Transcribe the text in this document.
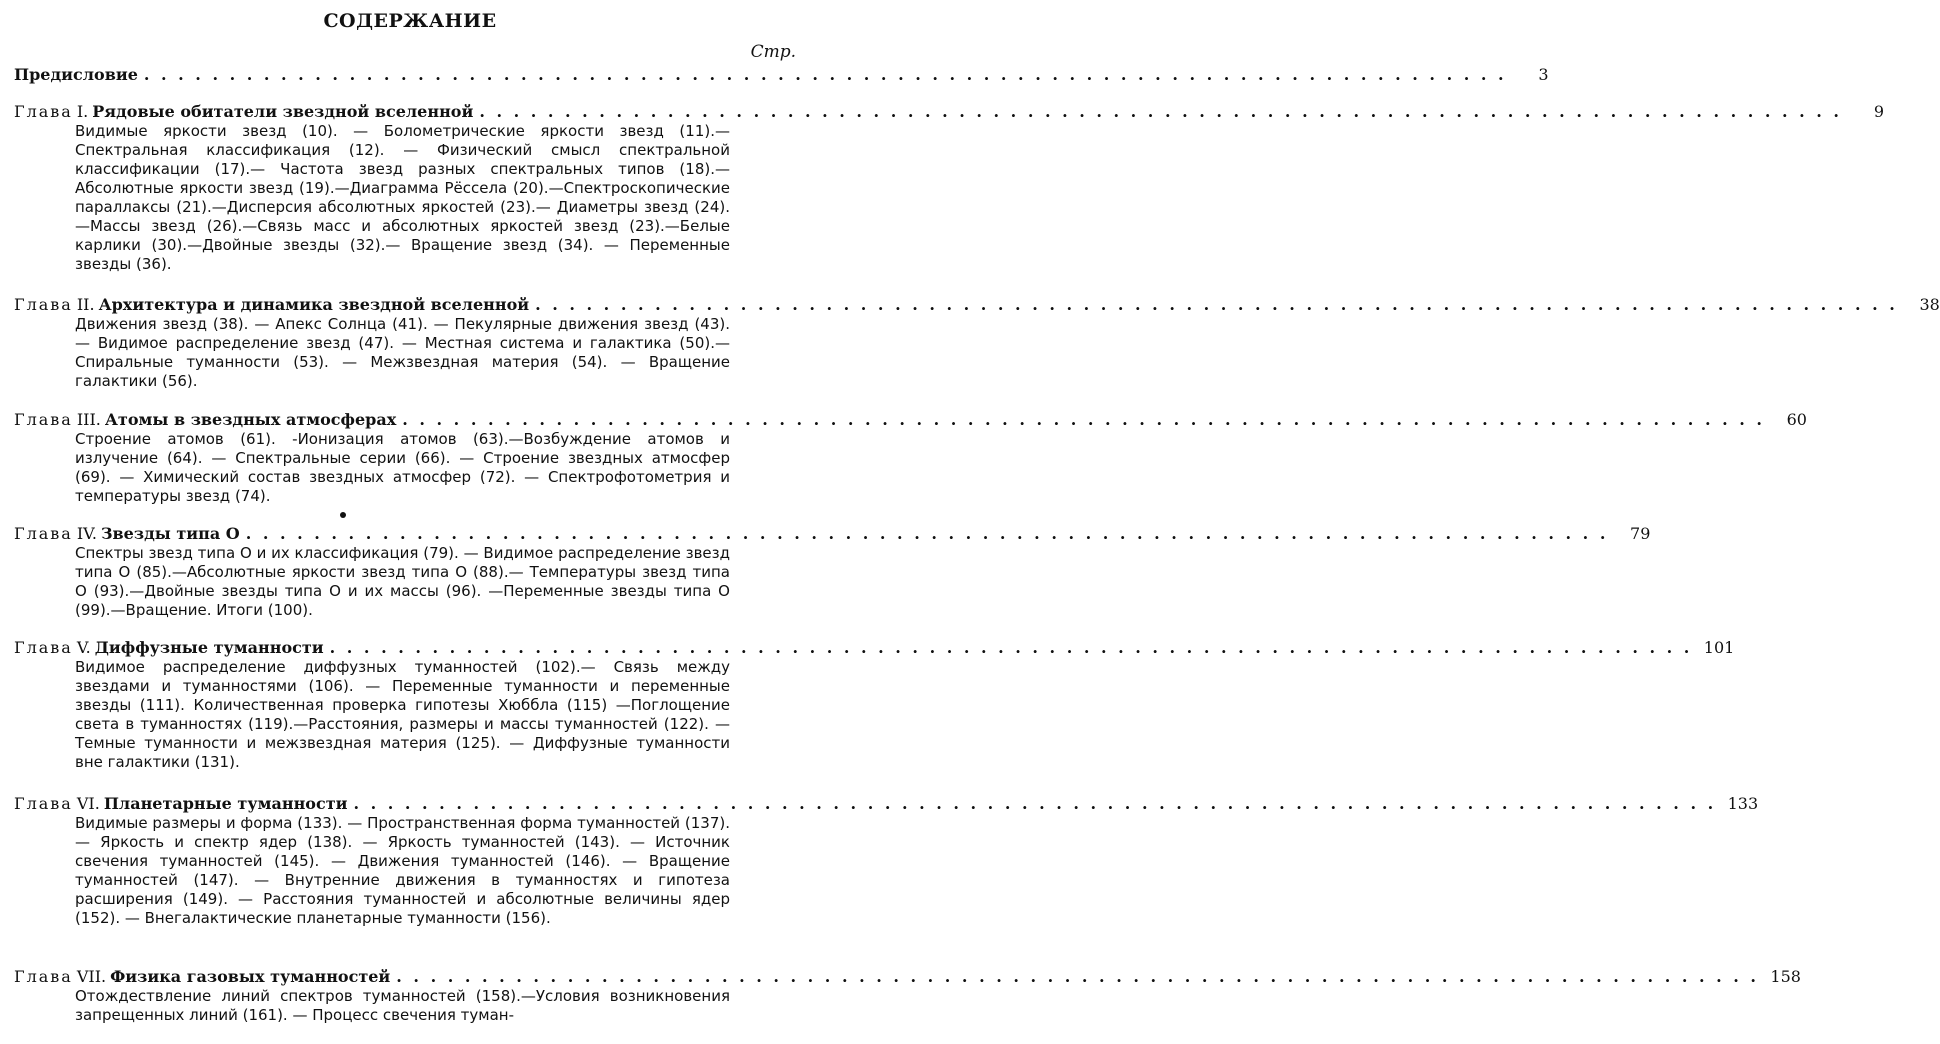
СОДЕРЖАНИЕ
Стр.
Предисловие . . . . . . . . . . . . . . . . . . . . . . . . . . . . . . . . . . . . . . . . . . . . . . . . . . . . . . . . . . . . . . . . . . . . . . . . . . . . . . . .	3
Глава I. Рядовые обитатели звездной вселенной . . . . . . . . . . . . . . . . . . . . . . . . . . . . . . . . . . . . . . . . . . . . . . . . . . . . . . . . . . . . . . . . . . . . . . . . . . . . . . . .	9
Видимые яркости звезд (10). — Болометрические яркости звезд (11).— Спектральная классификация (12). — Физический смысл спектральной классификации (17).— Частота звезд разных спектральных типов (18).— Абсолютные яркости звезд (19).—Диаграмма Рёссела (20).—Спектроскопические параллаксы (21).—Дисперсия абсолютных яркостей (23).— Диаметры звезд (24).—Массы звезд (26).—Связь масс и абсолютных яркостей звезд (23).—Белые карлики (30).—Двойные звезды (32).— Вращение звезд (34). — Переменные звезды (36).
Глава II. Архитектура и динамика звездной вселенной . . . . . . . . . . . . . . . . . . . . . . . . . . . . . . . . . . . . . . . . . . . . . . . . . . . . . . . . . . . . . . . . . . . . . . . . . . . . . . . .	38
Движения звезд (38). — Апекс Солнца (41). — Пекулярные движения звезд (43). — Видимое распределение звезд (47). — Местная система и галактика (50).— Спиральные туманности (53). — Межзвездная материя (54). — Вращение галактики (56).
Глава III. Атомы в звездных атмосферах . . . . . . . . . . . . . . . . . . . . . . . . . . . . . . . . . . . . . . . . . . . . . . . . . . . . . . . . . . . . . . . . . . . . . . . . . . . . . . . .	60
Строение атомов (61). -Ионизация атомов (63).—Возбуждение атомов и излучение (64). — Спектральные серии (66). — Строение звездных атмосфер (69). — Химический состав звездных атмосфер (72). — Спектрофотометрия и температуры звезд (74).
Глава IV. Звезды типа О . . . . . . . . . . . . . . . . . . . . . . . . . . . . . . . . . . . . . . . . . . . . . . . . . . . . . . . . . . . . . . . . . . . . . . . . . . . . . . . .	79
Спектры звезд типа О и их классификация (79). — Видимое распределение звезд типа О (85).—Абсолютные яркости звезд типа О (88).— Температуры звезд типа О (93).—Двойные звезды типа О и их массы (96). —Переменные звезды типа О (99).—Вращение. Итоги (100).
Глава V. Диффузные туманности . . . . . . . . . . . . . . . . . . . . . . . . . . . . . . . . . . . . . . . . . . . . . . . . . . . . . . . . . . . . . . . . . . . . . . . . . . . . . . . . 101
Видимое распределение диффузных туманностей (102).— Связь между звездами и туманностями (106). — Переменные туманности и переменные звезды (111). Количественная проверка гипотезы Хюббла (115) —Поглощение света в туманностях (119).—Расстояния, размеры и массы туманностей (122). — Темные туманности и межзвездная материя (125). — Диффузные туманности вне галактики (131).
Глава VI. Планетарные туманности . . . . . . . . . . . . . . . . . . . . . . . . . . . . . . . . . . . . . . . . . . . . . . . . . . . . . . . . . . . . . . . . . . . . . . . . . . . . . . . . 133
Видимые размеры и форма (133). — Пространственная форма туманностей (137). — Яркость и спектр ядер (138). — Яркость туманностей (143). — Источник свечения туманностей (145). — Движения туманностей (146). — Вращение туманностей (147). — Внутренние движения в туманностях и гипотеза расширения (149). — Расстояния туманностей и абсолютные величины ядер (152). — Внегалактические планетарные туманности (156).
Глава VII. Физика газовых туманностей . . . . . . . . . . . . . . . . . . . . . . . . . . . . . . . . . . . . . . . . . . . . . . . . . . . . . . . . . . . . . . . . . . . . . . . . . . . . . . . . 158
Отождествление линий спектров туманностей (158).—Условия возникновения запрещенных линий (161). — Процесс свечения туман-
